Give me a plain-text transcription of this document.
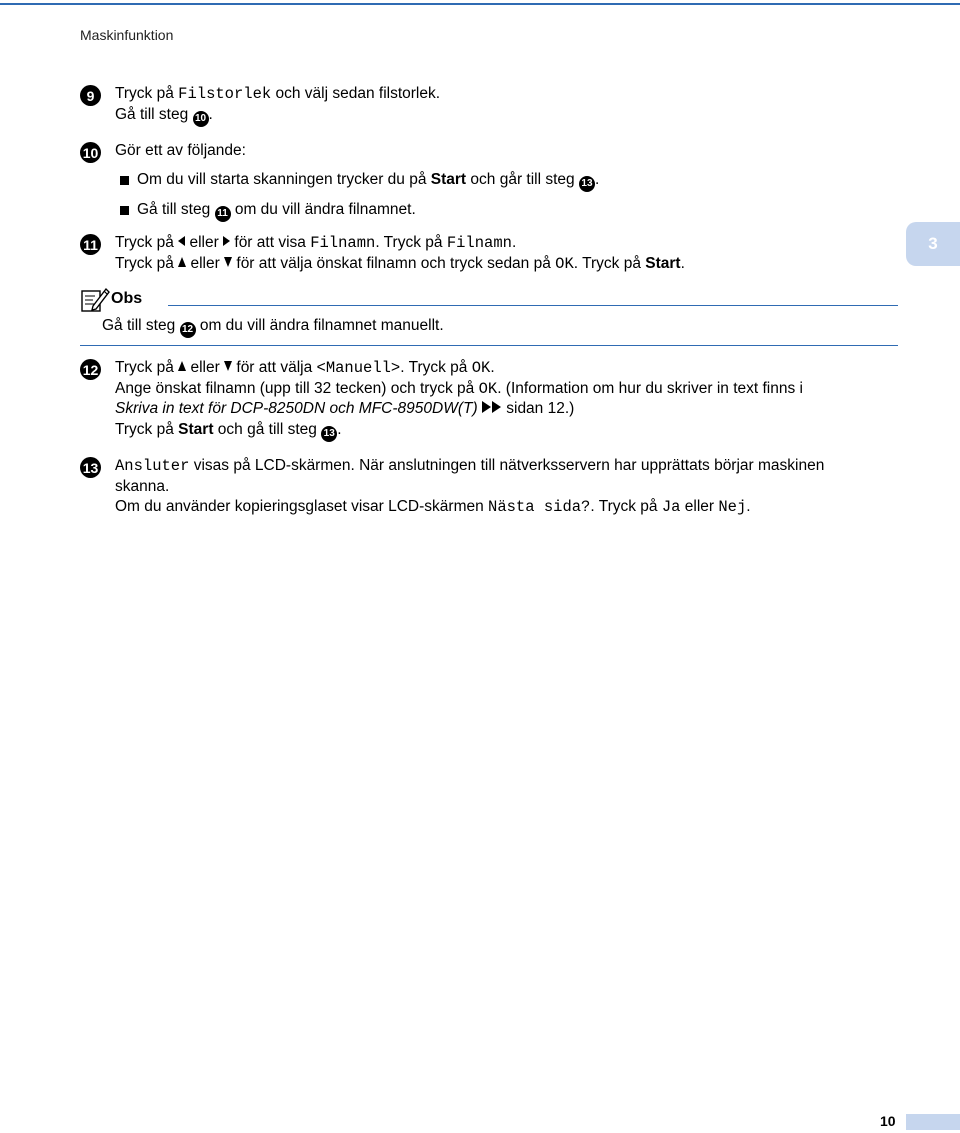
Maskinfunktion
3
9	Tryck på Filstorlek och välj sedan filstorlek.

Gå till steg 10 .

10 Gör ett av följande:

Om du vill starta skanningen trycker du på Start och går till steg 13 .
Gå till steg 11 om du vill ändra filnamnet.
11 Tryck på  eller  för att visa Filnamn. Tryck på Filnamn.

Tryck på  eller  för att välja önskat filnamn och tryck sedan på OK. Tryck på Start.

Obs

Gå till steg 12 om du vill ändra filnamnet manuellt.

12 Tryck på  eller  för att välja <Manuell>. Tryck på OK.

Ange önskat filnamn (upp till 32 tecken) och tryck på OK. (Information om hur du skriver in text finns i

Skriva in text för DCP-8250DN och MFC-8950DW(T)  sidan 12.)

Tryck på Start och gå till steg 13 .

13 Ansluter visas på LCD-skärmen. När anslutningen till nätverksservern har upprättats börjar maskinen

skanna.

Om du använder kopieringsglaset visar LCD-skärmen Nästa sida?. Tryck på Ja eller Nej.

10
